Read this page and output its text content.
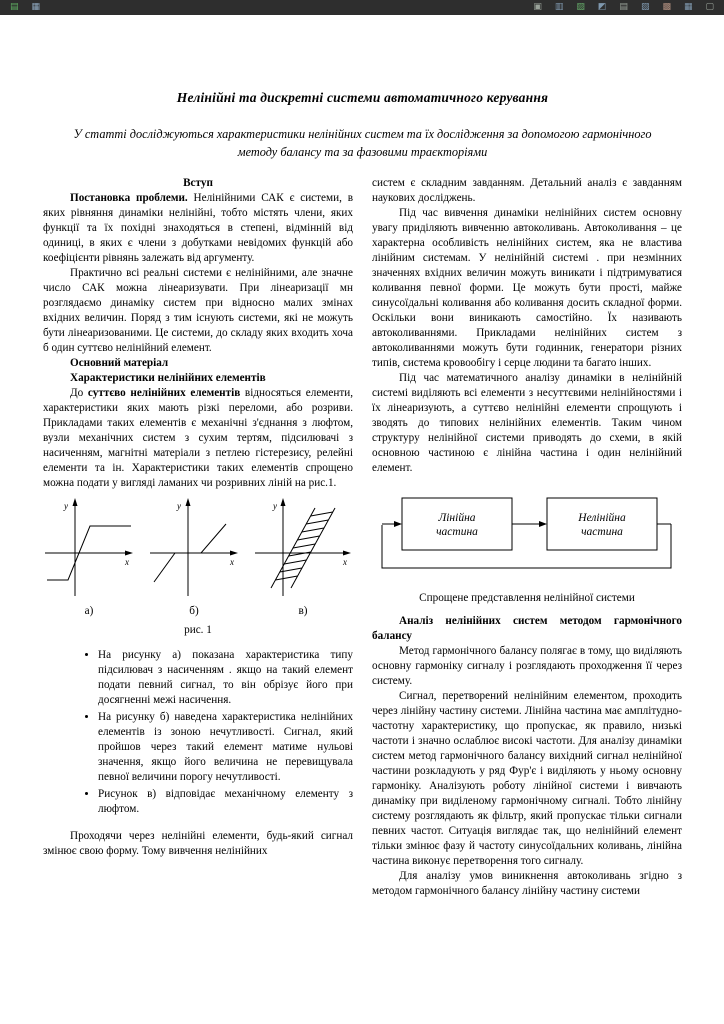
▤ ▦	▣ ▥ ▨ ◩ ▤ ▧ ▩ ▦ ▢
Нелінійні та дискретні системи автоматичного керування

У статті досліджуються характеристики нелінійних систем та їх дослідження за допомогою гармонічного методу балансу та за фазовими траєкторіями

Вступ

Постановка проблеми. Нелінійними САК є системи, в яких рівняння динаміки нелінійні, тобто містять члени, яких функції та їх похідні знаходяться в степені, відмінній від одиниці, в яких є члени з добутками невідомих функцій або коефіцієнти рівнянь залежать від аргументу.

Практично всі реальні системи є нелінійними, але значне число САК можна лінеаризувати. При лінеаризації мн розглядаємо динаміку систем при відносно малих змінах вхідних величин. Поряд з тим існують системи, які не можуть бути лінеаризованими. Це системи, до складу яких входить хоча б один суттєво нелінійний елемент.

Основний матеріал

Характеристики нелінійних елементів

До суттєво нелінійних елементів відносяться елементи, характеристики яких мають різкі переломи, або розриви. Прикладами таких елементів є механічні з'єднання з люфтом, вузли механічних систем з сухим тертям, підсилювачі з насиченням, магнітні матеріали з петлею гістерезису, релейні елементи та ін. Характеристики таких елементів спрощено можна подати у вигляді ламаних чи розривних ліній на рис.1.

y
x
а)
y
x
б)
y
x
в)
рис. 1
• На рисунку а) показана характеристика типу підсилювач з насиченням . якщо на такий елемент подати певний сигнал, то він обрізує його при досягненні межі насичення.
• На рисунку б) наведена характеристика нелінійних елементів із зоною нечутливості. Сигнал, який пройшов через такий елемент матиме нульові значення, якщо його величина не перевищувала певної величини порогу нечутливості.
• Рисунок в) відповідає механічному елементу з люфтом.

Проходячи через нелінійні елементи, будь-який сигнал змінює свою форму. Тому вивчення нелінійних

систем є складним завданням. Детальний аналіз є завданням наукових досліджень.

Під час вивчення динаміки нелінійних систем основну увагу приділяють вивченню автоколивань. Автоколивання – це характерна особливість нелінійних систем, яка не властива лінійним системам. У нелінійній системі . при незмінних значеннях вхідних величин можуть виникати і підтримуватися коливання певної форми. Це можуть бути прості, майже синусоїдальні коливання або коливання досить складної форми. Оскільки вони виникають самостійно. Їх називають автоколиваннями. Прикладами нелінійних систем з автоколиваннями можуть бути годинник, генератори різних типів, система кровообігу і серце людини та багато інших.

Під час математичного аналізу динаміки в нелінійній системі виділяють всі елементи з несуттєвими нелінійностями і їх лінеаризують, а суттєво нелінійні елементи спрощують і зводять до типових нелінійних елементів. Таким чином структуру нелінійної системи приводять до схеми, в якій основною частиною є лінійна частина і один нелінійний елемент.

Лінійна
частина
Нелінійна
частина
Спрощене представлення нелінійної системи

Аналіз нелінійних систем методом гармонічного балансу

Метод гармонічного балансу полягає в тому, що виділяють основну гармоніку сигналу і розглядають проходження її через систему.

Сигнал, перетворений нелінійним елементом, проходить через лінійну частину системи. Лінійна частина має амплітудно-частотну характеристику, що пропускає, як правило, низькі частоти і значно ослаблює високі частоти. Для аналізу динаміки систем метод гармонічного балансу вихідний сигнал нелінійної частини розкладують у ряд Фур'є і виділяють у ньому основну гармоніку. Аналізують роботу лінійної системи і вивчають динаміку при виділеному гармонічному сигналі. Тобто лінійну систему розглядають як фільтр, який пропускає тільки сигнали певних частот. Ситуація виглядає так, що нелінійний елемент тільки змінює фазу й частоту синусоїдальних коливань, лінійна частина виконує перетворення того сигналу.

Для аналізу умов виникнення автоколивань згідно з методом гармонічного балансу лінійну частину системи
